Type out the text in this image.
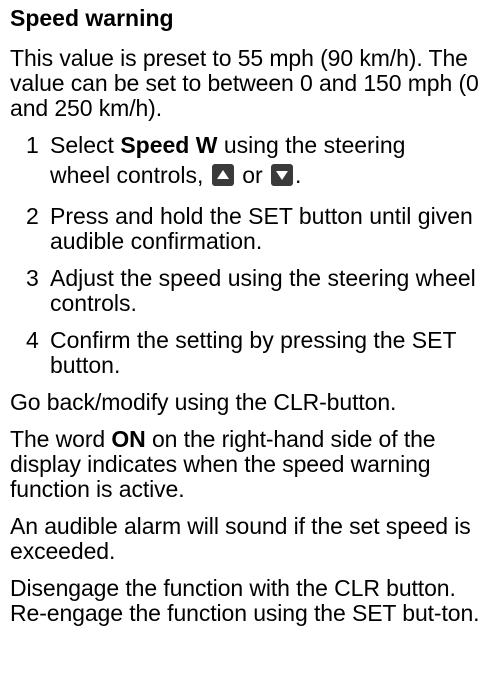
Speed warning
This value is preset to 55 mph (90 km/h). The value can be set to between 0 and 150 mph (0 and 250 km/h).
1 Select Speed W using the steering
wheel controls,
or
.
2 Press and hold the SET button until given audible confirmation.
3 Adjust the speed using the steering wheel controls.
4 Confirm the setting by pressing the SET button.
Go back/modify using the CLR-button.
The word ON on the right-hand side of the display indicates when the speed warning function is active.
An audible alarm will sound if the set speed is exceeded.
Disengage the function with the CLR button. Re-engage the function using the SET but-ton.
